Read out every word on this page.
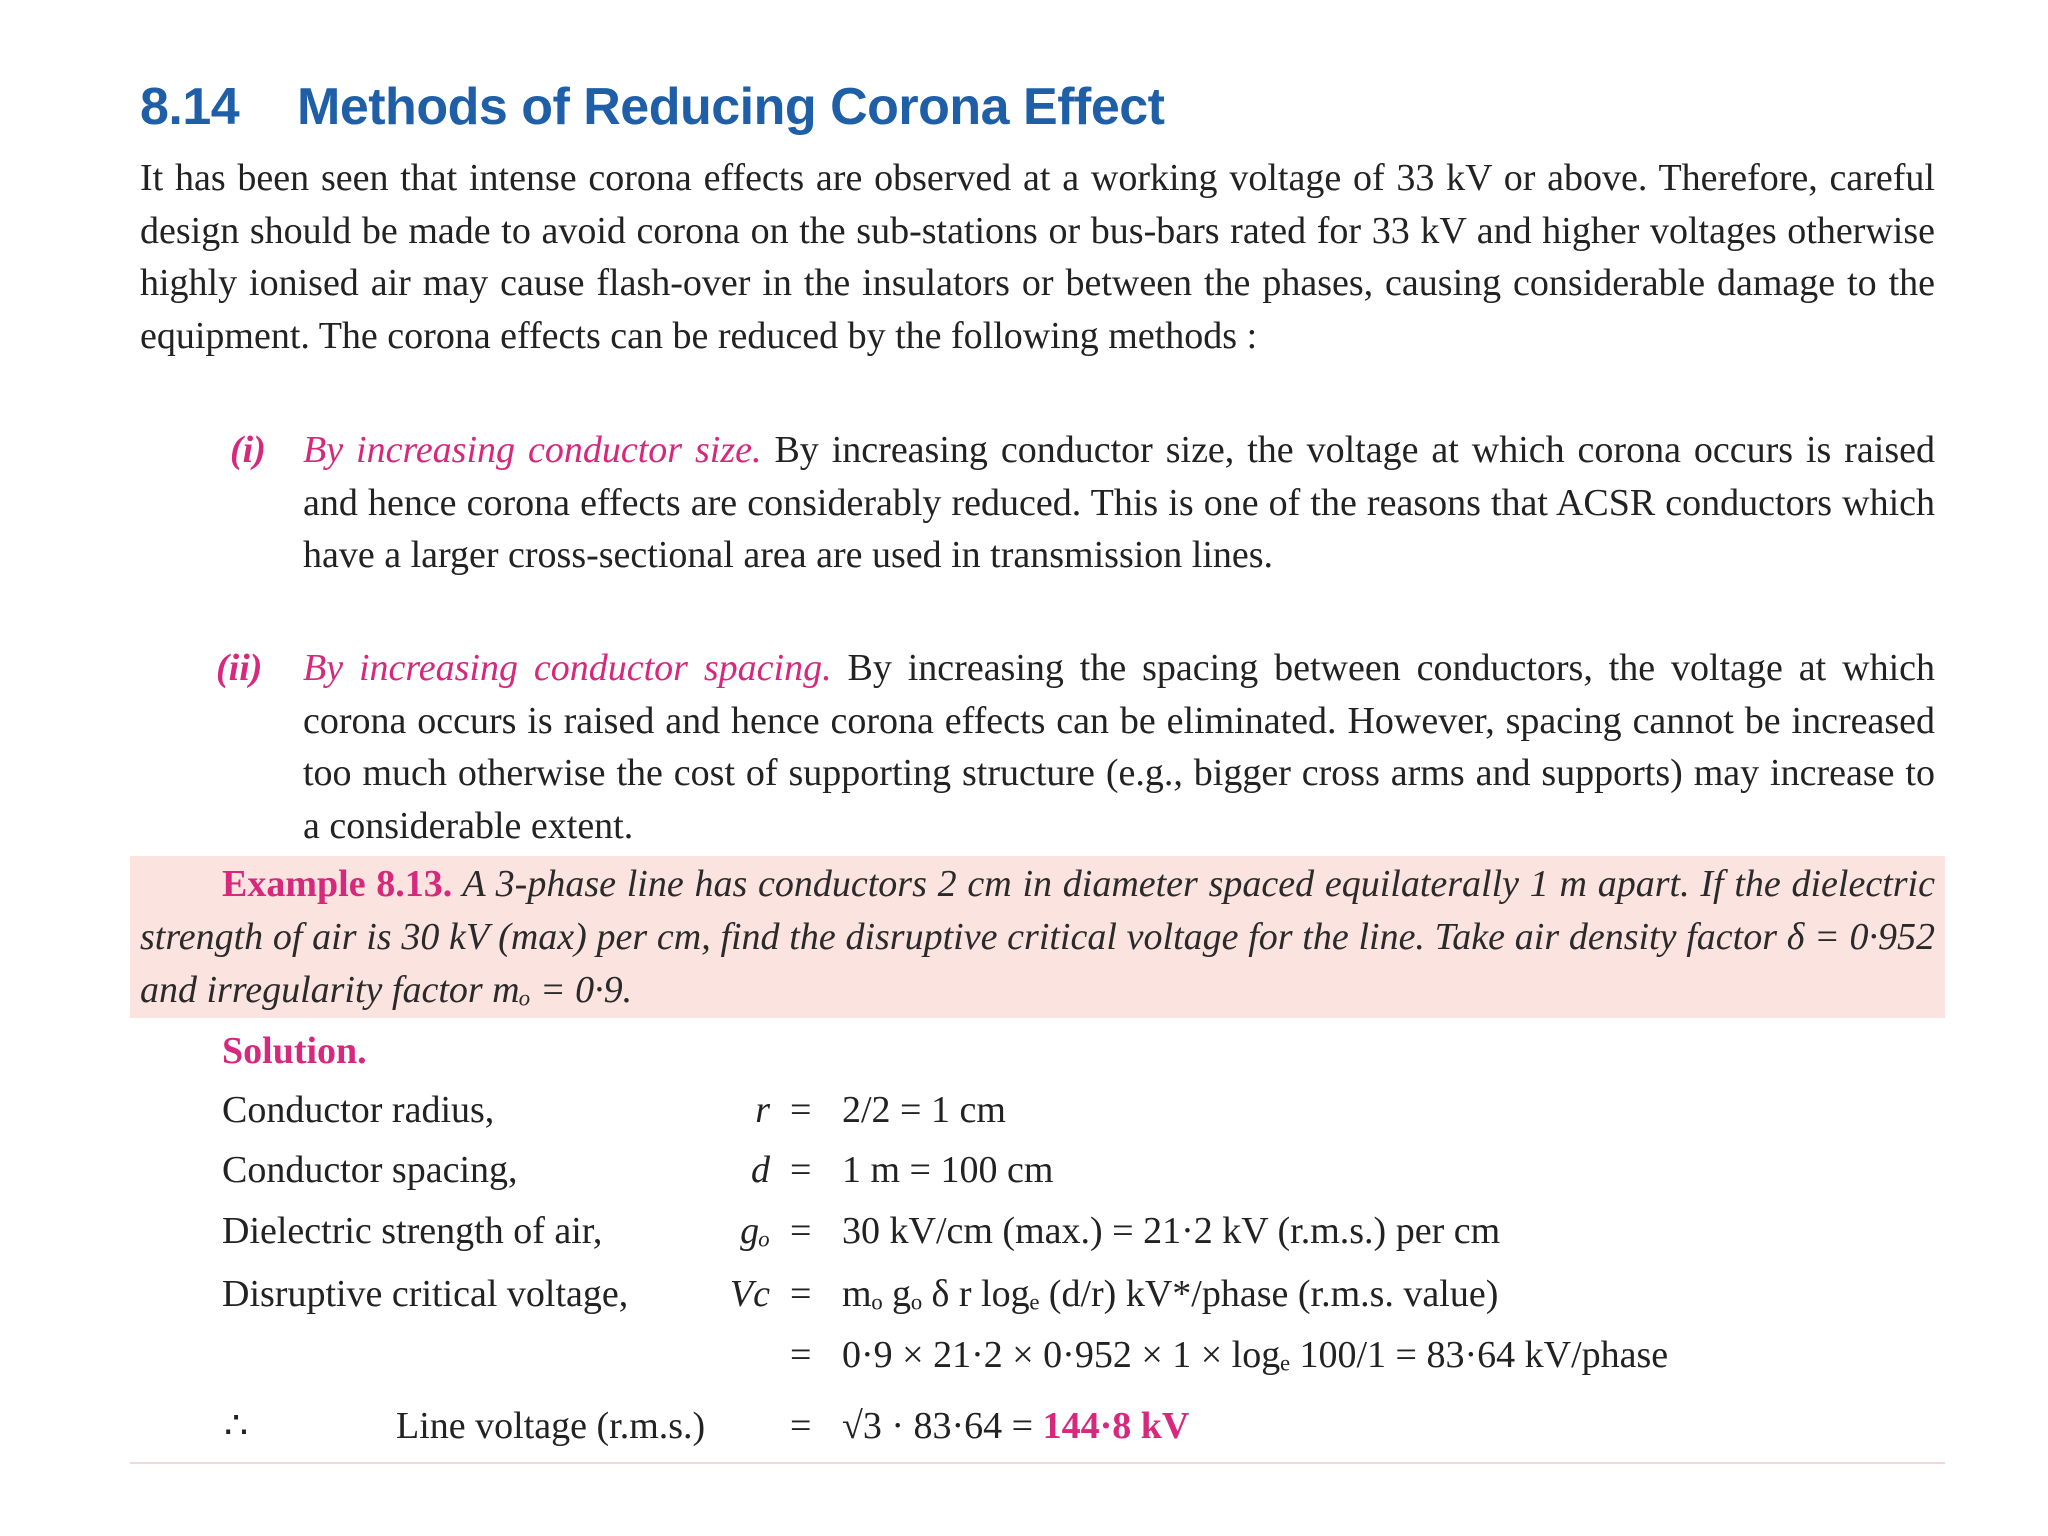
8.14 Methods of Reducing Corona Effect

It has been seen that intense corona effects are observed at a working voltage of 33 kV or above. Therefore, careful design should be made to avoid corona on the sub-stations or bus-bars rated for 33 kV and higher voltages otherwise highly ionised air may cause flash-over in the insulators or between the phases, causing considerable damage to the equipment. The corona effects can be reduced by the following methods :

(i) By increasing conductor size. By increasing conductor size, the voltage at which corona occurs is raised and hence corona effects are considerably reduced. This is one of the reasons that ACSR conductors which have a larger cross-sectional area are used in transmission lines.

(ii) By increasing conductor spacing. By increasing the spacing between conductors, the voltage at which corona occurs is raised and hence corona effects can be eliminated. However, spacing cannot be increased too much otherwise the cost of supporting structure (e.g., bigger cross arms and supports) may increase to a considerable extent.

Example 8.13. A 3-phase line has conductors 2 cm in diameter spaced equilaterally 1 m apart. If the dielectric strength of air is 30 kV (max) per cm, find the disruptive critical voltage for the line. Take air density factor δ = 0·952 and irregularity factor mₒ = 0·9.

Solution.
Conductor radius,	r = 2/2 = 1 cm
Conductor spacing,	d = 1 m = 100 cm
Dielectric strength of air,	gₒ = 30 kV/cm (max.) = 21·2 kV (r.m.s.) per cm
Disruptive critical voltage,	Vc = mₒ gₒ δ r logₑ (d/r) kV*/phase (r.m.s. value)
= 0·9 × 21·2 × 0·952 × 1 × logₑ 100/1 = 83·64 kV/phase
∴	Line voltage (r.m.s.) = √3 · 83·64 = 144·8 kV
